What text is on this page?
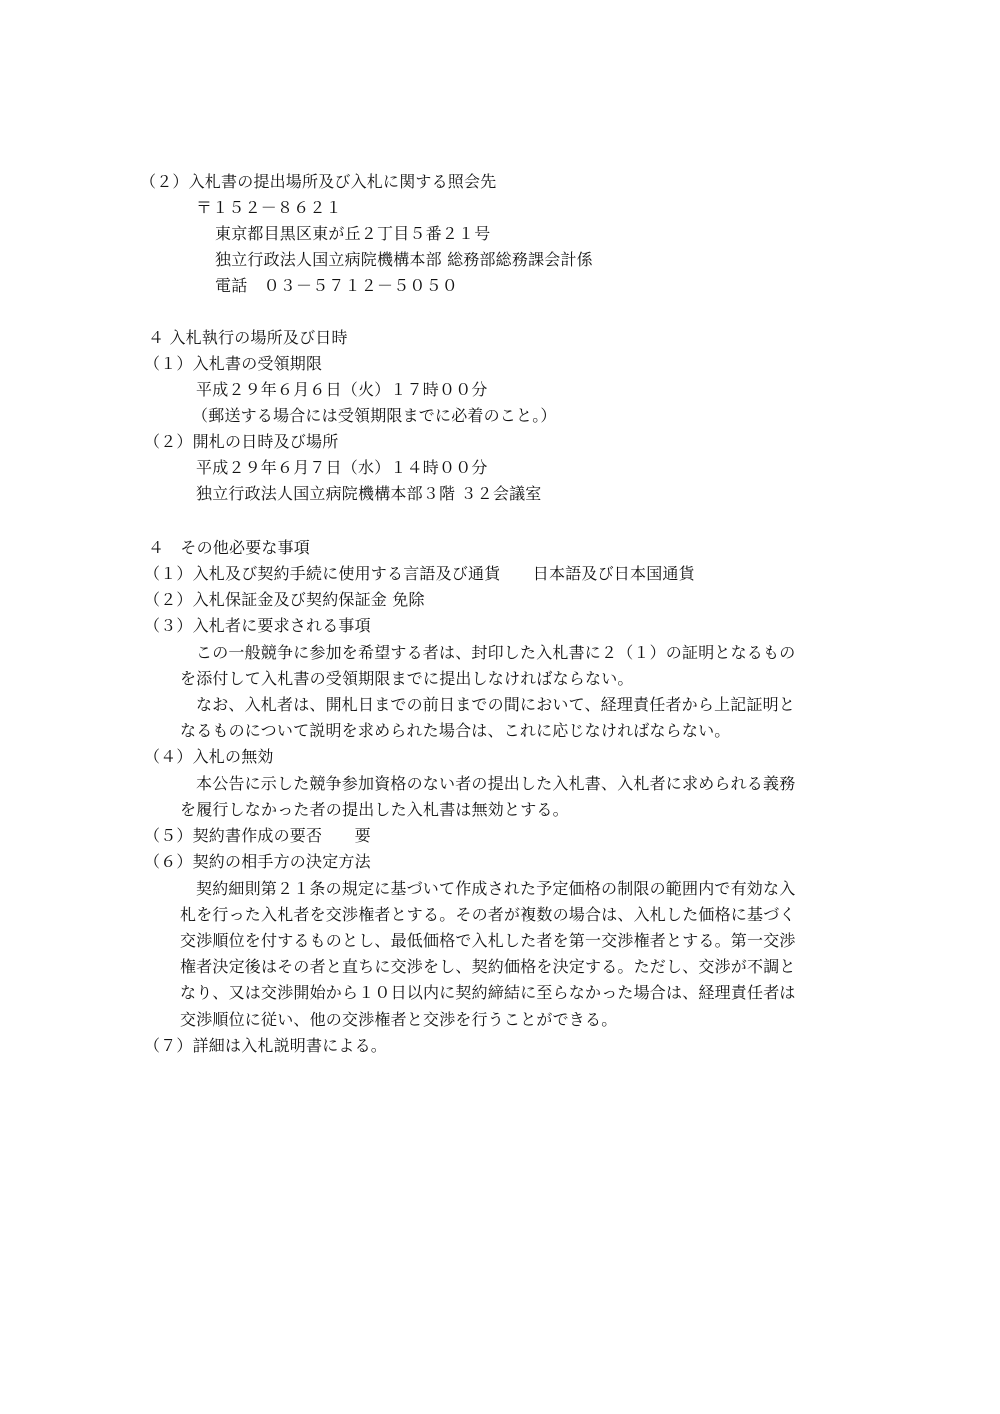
（２）入札書の提出場所及び入札に関する照会先
〒１５２－８６２１
東京都目黒区東が丘２丁目５番２１号
独立行政法人国立病院機構本部 総務部総務課会計係
電話　０３－５７１２－５０５０
４ 入札執行の場所及び日時
（１）入札書の受領期限
平成２９年６月６日（火）１７時００分
（郵送する場合には受領期限までに必着のこと。）
（２）開札の日時及び場所
平成２９年６月７日（水）１４時００分
独立行政法人国立病院機構本部３階 ３２会議室
４　その他必要な事項
（１）入札及び契約手続に使用する言語及び通貨　　日本語及び日本国通貨
（２）入札保証金及び契約保証金 免除
（３）入札者に要求される事項
この一般競争に参加を希望する者は、封印した入札書に２（１）の証明となるもの
を添付して入札書の受領期限までに提出しなければならない。
なお、入札者は、開札日までの前日までの間において、経理責任者から上記証明と
なるものについて説明を求められた場合は、これに応じなければならない。
（４）入札の無効
本公告に示した競争参加資格のない者の提出した入札書、入札者に求められる義務
を履行しなかった者の提出した入札書は無効とする。
（５）契約書作成の要否　　要
（６）契約の相手方の決定方法
契約細則第２１条の規定に基づいて作成された予定価格の制限の範囲内で有効な入
札を行った入札者を交渉権者とする。その者が複数の場合は、入札した価格に基づく
交渉順位を付するものとし、最低価格で入札した者を第一交渉権者とする。第一交渉
権者決定後はその者と直ちに交渉をし、契約価格を決定する。ただし、交渉が不調と
なり、又は交渉開始から１０日以内に契約締結に至らなかった場合は、経理責任者は
交渉順位に従い、他の交渉権者と交渉を行うことができる。
（７）詳細は入札説明書による。
